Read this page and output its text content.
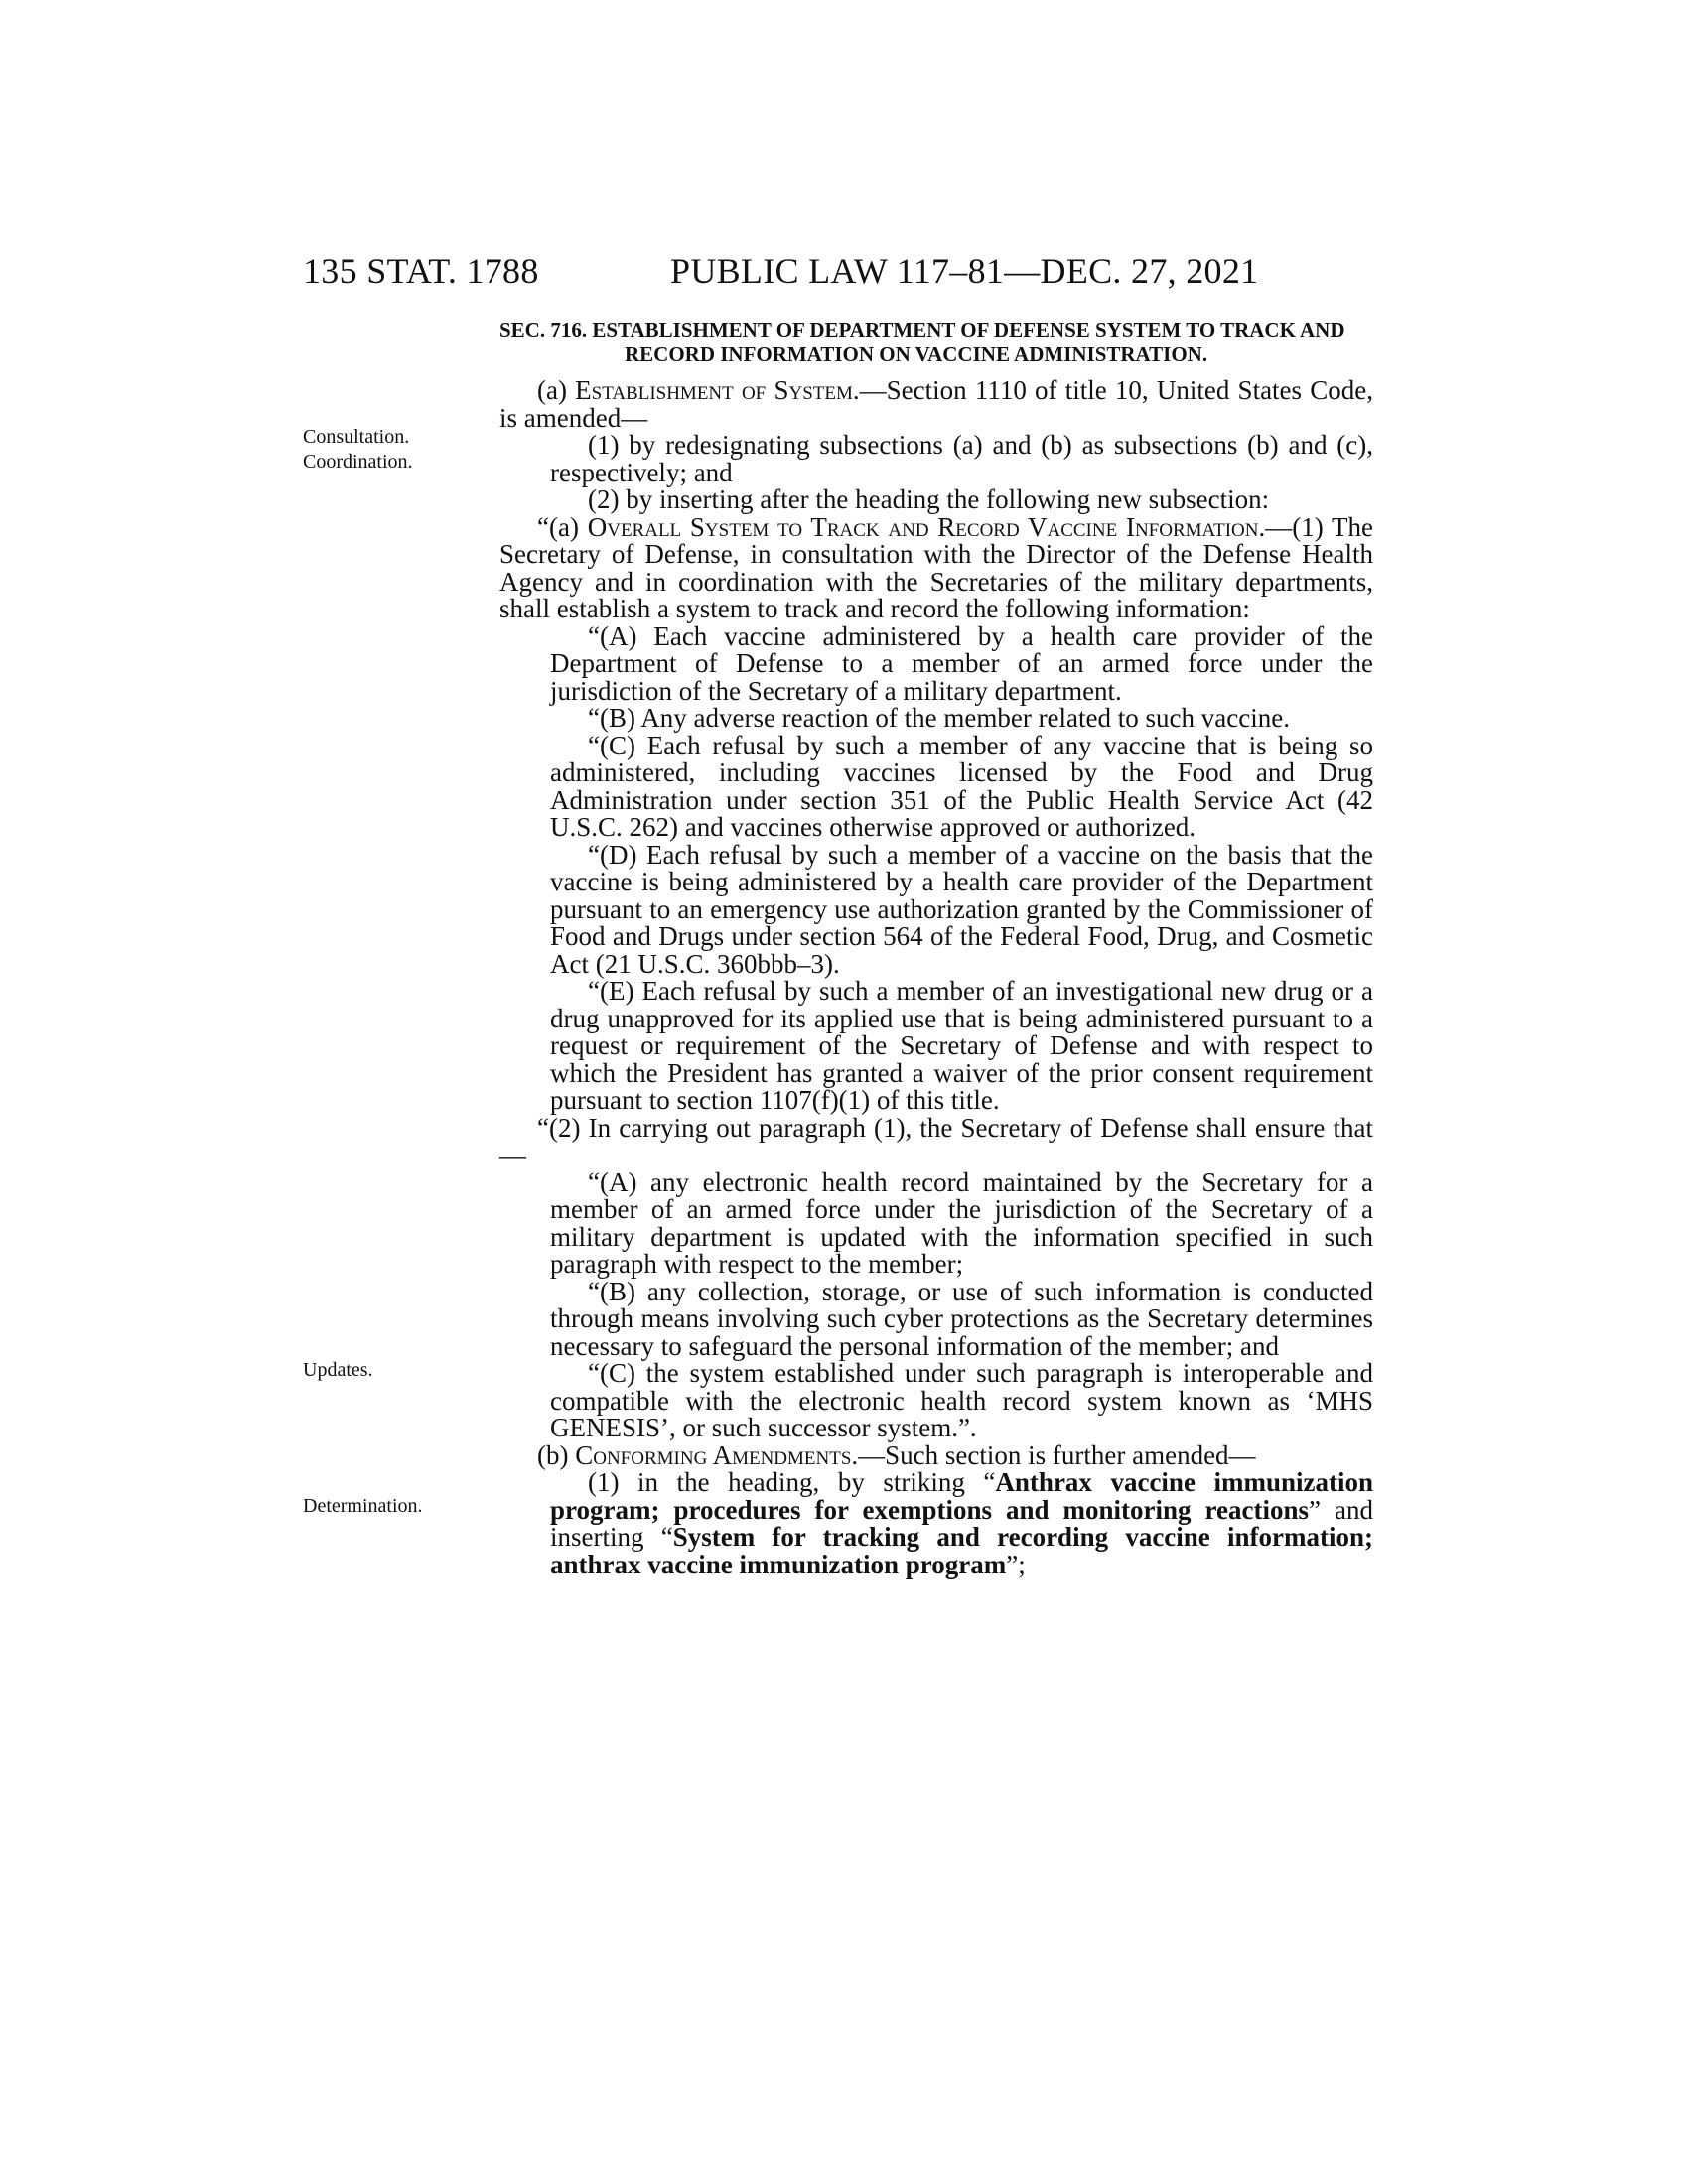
135 STAT. 1788	PUBLIC LAW 117–81—DEC. 27, 2021
Consultation.
Coordination.
Updates.
Determination.
SEC. 716. ESTABLISHMENT OF DEPARTMENT OF DEFENSE SYSTEM TO TRACK AND RECORD INFORMATION ON VACCINE ADMINISTRATION.

(a) Establishment of System.—Section 1110 of title 10, United States Code, is amended—

(1) by redesignating subsections (a) and (b) as subsections (b) and (c), respectively; and

(2) by inserting after the heading the following new subsection:

“(a) Overall System to Track and Record Vaccine Information.—(1) The Secretary of Defense, in consultation with the Director of the Defense Health Agency and in coordination with the Secretaries of the military departments, shall establish a system to track and record the following information:

“(A) Each vaccine administered by a health care provider of the Department of Defense to a member of an armed force under the jurisdiction of the Secretary of a military department.

“(B) Any adverse reaction of the member related to such vaccine.

“(C) Each refusal by such a member of any vaccine that is being so administered, including vaccines licensed by the Food and Drug Administration under section 351 of the Public Health Service Act (42 U.S.C. 262) and vaccines otherwise approved or authorized.

“(D) Each refusal by such a member of a vaccine on the basis that the vaccine is being administered by a health care provider of the Department pursuant to an emergency use authorization granted by the Commissioner of Food and Drugs under section 564 of the Federal Food, Drug, and Cosmetic Act (21 U.S.C. 360bbb–3).

“(E) Each refusal by such a member of an investigational new drug or a drug unapproved for its applied use that is being administered pursuant to a request or requirement of the Secretary of Defense and with respect to which the President has granted a waiver of the prior consent requirement pursuant to section 1107(f)(1) of this title.

“(2) In carrying out paragraph (1), the Secretary of Defense shall ensure that—

“(A) any electronic health record maintained by the Secretary for a member of an armed force under the jurisdiction of the Secretary of a military department is updated with the information specified in such paragraph with respect to the member;

“(B) any collection, storage, or use of such information is conducted through means involving such cyber protections as the Secretary determines necessary to safeguard the personal information of the member; and

“(C) the system established under such paragraph is interoperable and compatible with the electronic health record system known as ‘MHS GENESIS’, or such successor system.”.

(b) Conforming Amendments.—Such section is further amended—

(1) in the heading, by striking “Anthrax vaccine immunization program; procedures for exemptions and monitoring reactions” and inserting “System for tracking and recording vaccine information; anthrax vaccine immunization program”;
